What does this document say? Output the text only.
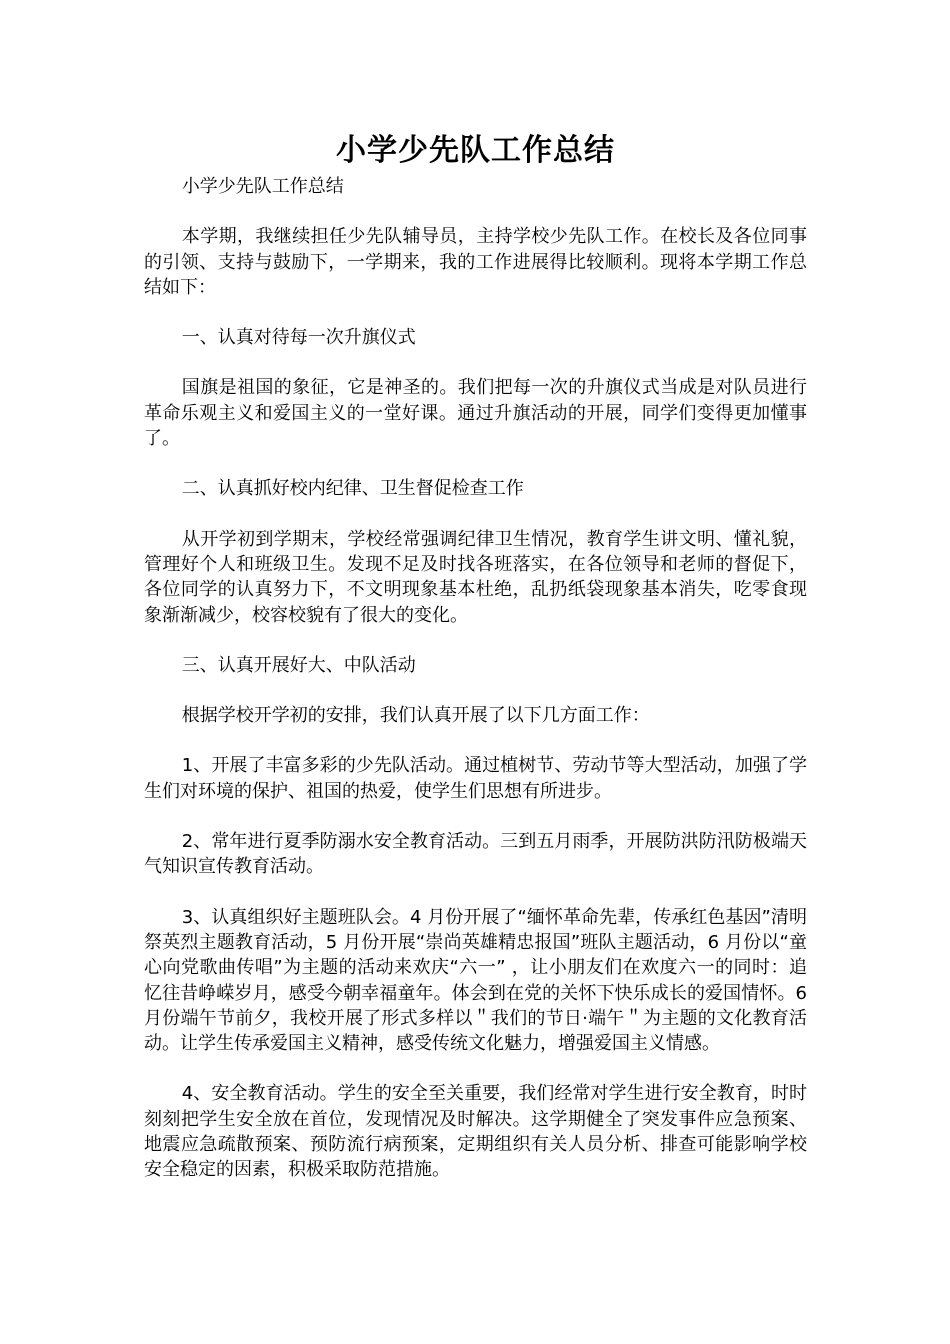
小学少先队工作总结

小学少先队工作总结

本学期，我继续担任少先队辅导员，主持学校少先队工作。在校长及各位同事的引领、支持与鼓励下，一学期来，我的工作进展得比较顺利。现将本学期工作总结如下：

一、认真对待每一次升旗仪式

国旗是祖国的象征，它是神圣的。我们把每一次的升旗仪式当成是对队员进行革命乐观主义和爱国主义的一堂好课。通过升旗活动的开展，同学们变得更加懂事了。

二、认真抓好校内纪律、卫生督促检查工作

从开学初到学期末，学校经常强调纪律卫生情况，教育学生讲文明、懂礼貌，管理好个人和班级卫生。发现不足及时找各班落实，在各位领导和老师的督促下，各位同学的认真努力下，不文明现象基本杜绝，乱扔纸袋现象基本消失，吃零食现象渐渐减少，校容校貌有了很大的变化。

三、认真开展好大、中队活动

根据学校开学初的安排，我们认真开展了以下几方面工作：

1、开展了丰富多彩的少先队活动。通过植树节、劳动节等大型活动，加强了学生们对环境的保护、祖国的热爱，使学生们思想有所进步。

2、常年进行夏季防溺水安全教育活动。三到五月雨季，开展防洪防汛防极端天气知识宣传教育活动。

3、认真组织好主题班队会。4 月份开展了“缅怀革命先辈，传承红色基因”清明祭英烈主题教育活动，5 月份开展“崇尚英雄精忠报国”班队主题活动，6 月份以“童心向党歌曲传唱”为主题的活动来欢庆“六一” ，让小朋友们在欢度六一的同时：追忆往昔峥嵘岁月，感受今朝幸福童年。体会到在党的关怀下快乐成长的爱国情怀。6 月份端午节前夕，我校开展了形式多样以＂我们的节日·端午＂为主题的文化教育活动。让学生传承爱国主义精神，感受传统文化魅力，增强爱国主义情感。

4、安全教育活动。学生的安全至关重要，我们经常对学生进行安全教育，时时刻刻把学生安全放在首位，发现情况及时解决。这学期健全了突发事件应急预案、地震应急疏散预案、预防流行病预案，定期组织有关人员分析、排查可能影响学校安全稳定的因素，积极采取防范措施。
